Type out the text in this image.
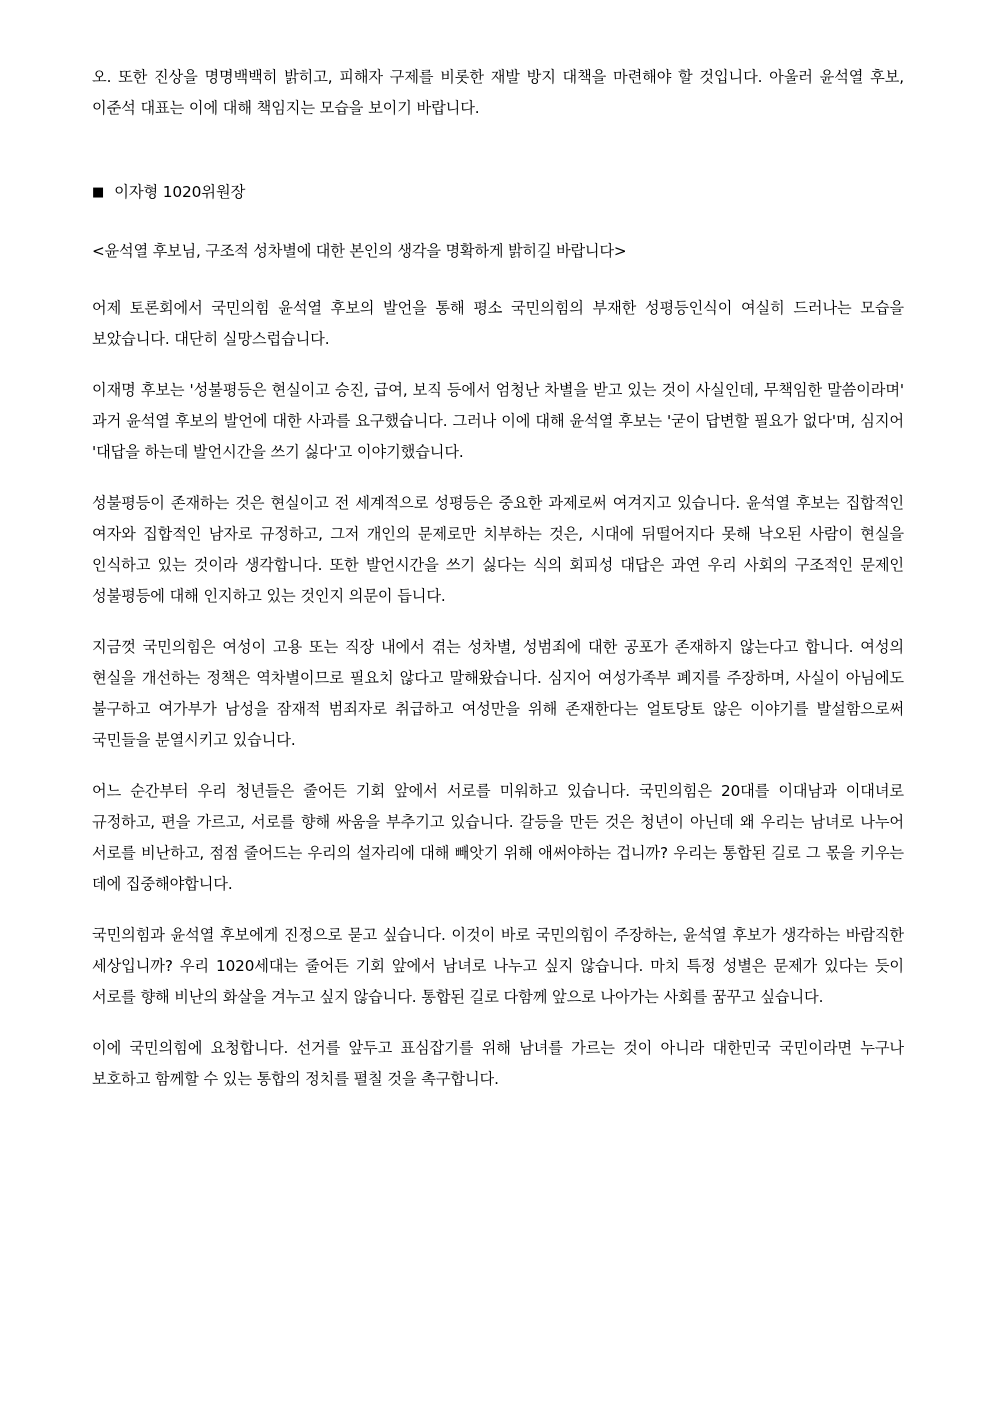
오. 또한 진상을 명명백백히 밝히고, 피해자 구제를 비롯한 재발 방지 대책을 마련해야 할 것입니다. 아울러 윤석열 후보, 이준석 대표는 이에 대해 책임지는 모습을 보이기 바랍니다.

■ 이자형 1020위원장

<윤석열 후보님, 구조적 성차별에 대한 본인의 생각을 명확하게 밝히길 바랍니다>

어제 토론회에서 국민의힘 윤석열 후보의 발언을 통해 평소 국민의힘의 부재한 성평등인식이 여실히 드러나는 모습을 보았습니다. 대단히 실망스럽습니다.

이재명 후보는 '성불평등은 현실이고 승진, 급여, 보직 등에서 엄청난 차별을 받고 있는 것이 사실인데, 무책임한 말씀이라며' 과거 윤석열 후보의 발언에 대한 사과를 요구했습니다. 그러나 이에 대해 윤석열 후보는 '굳이 답변할 필요가 없다'며, 심지어 '대답을 하는데 발언시간을 쓰기 싫다'고 이야기했습니다.

성불평등이 존재하는 것은 현실이고 전 세계적으로 성평등은 중요한 과제로써 여겨지고 있습니다. 윤석열 후보는 집합적인 여자와 집합적인 남자로 규정하고, 그저 개인의 문제로만 치부하는 것은, 시대에 뒤떨어지다 못해 낙오된 사람이 현실을 인식하고 있는 것이라 생각합니다. 또한 발언시간을 쓰기 싫다는 식의 회피성 대답은 과연 우리 사회의 구조적인 문제인 성불평등에 대해 인지하고 있는 것인지 의문이 듭니다.

지금껏 국민의힘은 여성이 고용 또는 직장 내에서 겪는 성차별, 성범죄에 대한 공포가 존재하지 않는다고 합니다. 여성의 현실을 개선하는 정책은 역차별이므로 필요치 않다고 말해왔습니다. 심지어 여성가족부 폐지를 주장하며, 사실이 아님에도 불구하고 여가부가 남성을 잠재적 범죄자로 취급하고 여성만을 위해 존재한다는 얼토당토 않은 이야기를 발설함으로써 국민들을 분열시키고 있습니다.

어느 순간부터 우리 청년들은 줄어든 기회 앞에서 서로를 미워하고 있습니다. 국민의힘은 20대를 이대남과 이대녀로 규정하고, 편을 가르고, 서로를 향해 싸움을 부추기고 있습니다. 갈등을 만든 것은 청년이 아닌데 왜 우리는 남녀로 나누어 서로를 비난하고, 점점 줄어드는 우리의 설자리에 대해 빼앗기 위해 애써야하는 겁니까? 우리는 통합된 길로 그 몫을 키우는 데에 집중해야합니다.

국민의힘과 윤석열 후보에게 진정으로 묻고 싶습니다. 이것이 바로 국민의힘이 주장하는, 윤석열 후보가 생각하는 바람직한 세상입니까? 우리 1020세대는 줄어든 기회 앞에서 남녀로 나누고 싶지 않습니다. 마치 특정 성별은 문제가 있다는 듯이 서로를 향해 비난의 화살을 겨누고 싶지 않습니다. 통합된 길로 다함께 앞으로 나아가는 사회를 꿈꾸고 싶습니다.

이에 국민의힘에 요청합니다. 선거를 앞두고 표심잡기를 위해 남녀를 가르는 것이 아니라 대한민국 국민이라면 누구나 보호하고 함께할 수 있는 통합의 정치를 펼칠 것을 촉구합니다.
